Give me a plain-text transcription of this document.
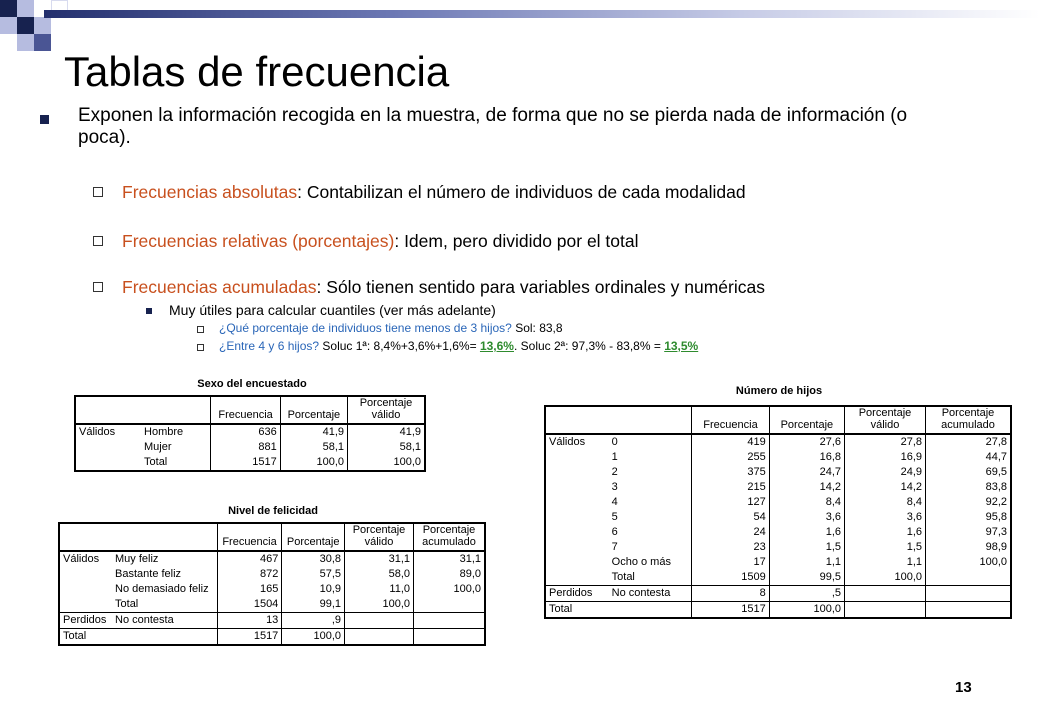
Tablas de frecuencia
Exponen la información recogida en la muestra, de forma que no se pierda nada de información (o poca).
Frecuencias absolutas: Contabilizan el número de individuos de cada modalidad
Frecuencias relativas (porcentajes): Idem, pero dividido por el total
Frecuencias acumuladas: Sólo tienen sentido para variables ordinales y numéricas
Muy útiles para calcular cuantiles (ver más adelante)
¿Qué porcentaje de individuos tiene menos de 3 hijos? Sol: 83,8
¿Entre 4 y 6 hijos? Soluc 1ª: 8,4%+3,6%+1,6%= 13,6%. Soluc 2ª: 97,3% - 83,8% = 13,5%
Sexo del encuestado
		Frecuencia	Porcentaje	Porcentaje válido
Válidos	Hombre	636	41,9	41,9
	Mujer	881	58,1	58,1
	Total	1517	100,0	100,0
Nivel de felicidad
		Frecuencia	Porcentaje	Porcentaje válido	Porcentaje acumulado
Válidos	Muy feliz	467	30,8	31,1	31,1
	Bastante feliz	872	57,5	58,0	89,0
	No demasiado feliz	165	10,9	11,0	100,0
	Total	1504	99,1	100,0	
Perdidos	No contesta	13	,9		
Total		1517	100,0		
Número de hijos
		Frecuencia	Porcentaje	Porcentaje válido	Porcentaje acumulado
Válidos	0	419	27,6	27,8	27,8
	1	255	16,8	16,9	44,7
	2	375	24,7	24,9	69,5
	3	215	14,2	14,2	83,8
	4	127	8,4	8,4	92,2
	5	54	3,6	3,6	95,8
	6	24	1,6	1,6	97,3
	7	23	1,5	1,5	98,9
	Ocho o más	17	1,1	1,1	100,0
	Total	1509	99,5	100,0	
Perdidos	No contesta	8	,5		
Total		1517	100,0		
13
